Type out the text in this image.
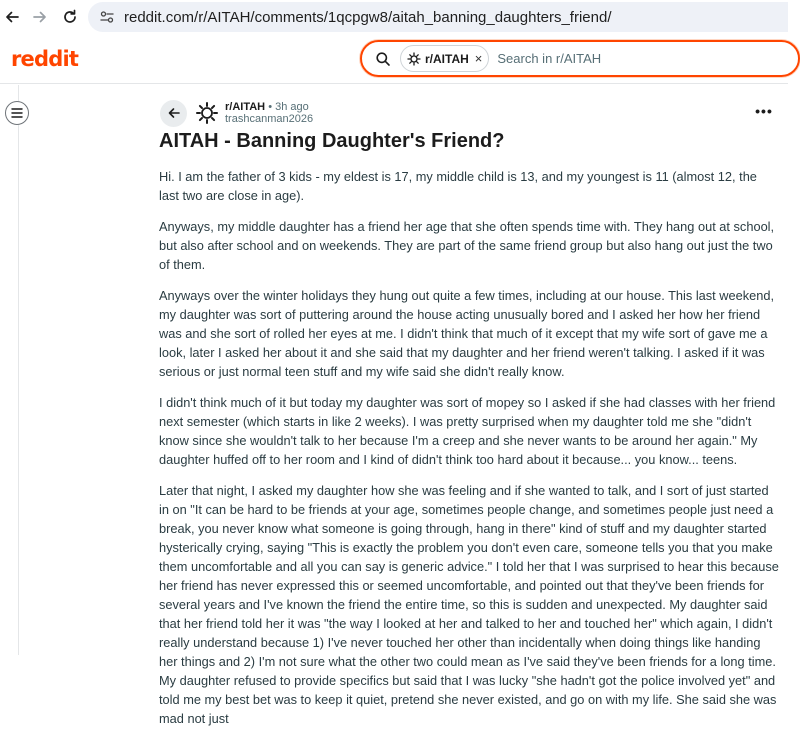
reddit.com/r/AITAH/comments/1qcpgw8/aitah_banning_daughters_friend/
reddit	r/AITAH ×
Search in r/AITAH
r/AITAH • 3h ago
trashcanman2026	•••
AITAH - Banning Daughter's Friend?

Hi. I am the father of 3 kids - my eldest is 17, my middle child is 13, and my youngest is 11 (almost 12, the last two are close in age).

Anyways, my middle daughter has a friend her age that she often spends time with. They hang out at school, but also after school and on weekends. They are part of the same friend group but also hang out just the two of them.

Anyways over the winter holidays they hung out quite a few times, including at our house. This last weekend, my daughter was sort of puttering around the house acting unusually bored and I asked her how her friend was and she sort of rolled her eyes at me. I didn't think that much of it except that my wife sort of gave me a look, later I asked her about it and she said that my daughter and her friend weren't talking. I asked if it was serious or just normal teen stuff and my wife said she didn't really know.

I didn't think much of it but today my daughter was sort of mopey so I asked if she had classes with her friend next semester (which starts in like 2 weeks). I was pretty surprised when my daughter told me she "didn't know since she wouldn't talk to her because I'm a creep and she never wants to be around her again." My daughter huffed off to her room and I kind of didn't think too hard about it because... you know... teens.

Later that night, I asked my daughter how she was feeling and if she wanted to talk, and I sort of just started in on "It can be hard to be friends at your age, sometimes people change, and sometimes people just need a break, you never know what someone is going through, hang in there" kind of stuff and my daughter started hysterically crying, saying "This is exactly the problem you don't even care, someone tells you that you make them uncomfortable and all you can say is generic advice." I told her that I was surprised to hear this because her friend has never expressed this or seemed uncomfortable, and pointed out that they've been friends for several years and I've known the friend the entire time, so this is sudden and unexpected. My daughter said that her friend told her it was "the way I looked at her and talked to her and touched her" which again, I didn't really understand because 1) I've never touched her other than incidentally when doing things like handing her things and 2) I'm not sure what the other two could mean as I've said they've been friends for a long time. My daughter refused to provide specifics but said that I was lucky "she hadn't got the police involved yet" and told me my best bet was to keep it quiet, pretend she never existed, and go on with my life. She said she was mad not just
